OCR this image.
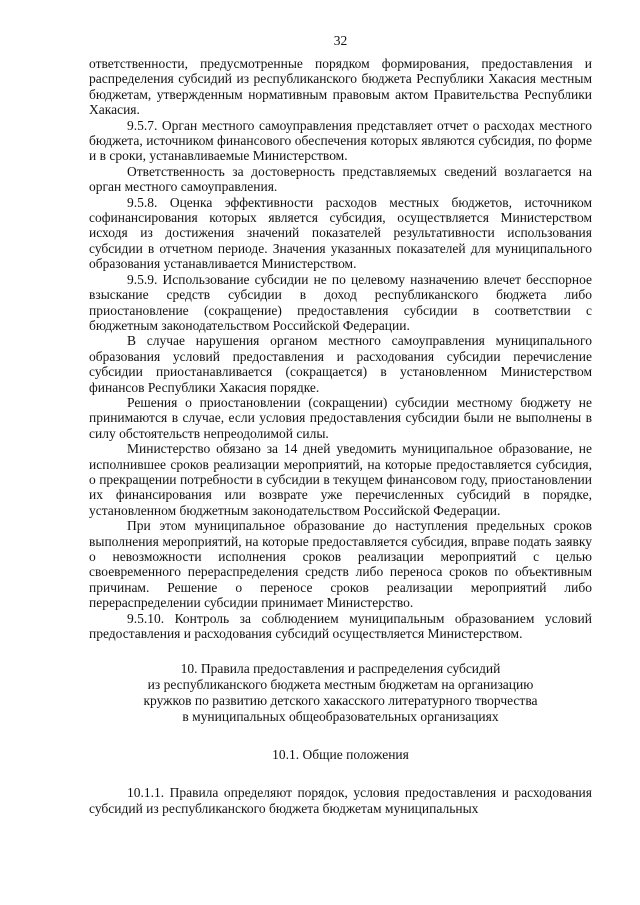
32

ответственности, предусмотренные порядком формирования, предоставления и распределения субсидий из республиканского бюджета Республики Хакасия местным бюджетам, утвержденным нормативным правовым актом Правительства Республики Хакасия.

9.5.7. Орган местного самоуправления представляет отчет о расходах местного бюджета, источником финансового обеспечения которых являются субсидия, по форме и в сроки, устанавливаемые Министерством.

Ответственность за достоверность представляемых сведений возлагается на орган местного самоуправления.

9.5.8. Оценка эффективности расходов местных бюджетов, источником софинансирования которых является субсидия, осуществляется Министерством исходя из достижения значений показателей результативности использования субсидии в отчетном периоде. Значения указанных показателей для муниципального образования устанавливается Министерством.

9.5.9. Использование субсидии не по целевому назначению влечет бесспорное взыскание средств субсидии в доход республиканского бюджета либо приостановление (сокращение) предоставления субсидии в соответствии с бюджетным законодательством Российской Федерации.

В случае нарушения органом местного самоуправления муниципального образования условий предоставления и расходования субсидии перечисление субсидии приостанавливается (сокращается) в установленном Министерством финансов Республики Хакасия порядке.

Решения о приостановлении (сокращении) субсидии местному бюджету не принимаются в случае, если условия предоставления субсидии были не выполнены в силу обстоятельств непреодолимой силы.

Министерство обязано за 14 дней уведомить муниципальное образование, не исполнившее сроков реализации мероприятий, на которые предоставляется субсидия, о прекращении потребности в субсидии в текущем финансовом году, приостановлении их финансирования или возврате уже перечисленных субсидий в порядке, установленном бюджетным законодательством Российской Федерации.

При этом муниципальное образование до наступления предельных сроков выполнения мероприятий, на которые предоставляется субсидия, вправе подать заявку о невозможности исполнения сроков реализации мероприятий с целью своевременного перераспределения средств либо переноса сроков по объективным причинам. Решение о переносе сроков реализации мероприятий либо перераспределении субсидии принимает Министерство.

9.5.10. Контроль за соблюдением муниципальным образованием условий предоставления и расходования субсидий осуществляется Министерством.

10. Правила предоставления и распределения субсидий
из республиканского бюджета местным бюджетам на организацию
кружков по развитию детского хакасского литературного творчества
в муниципальных общеобразовательных организациях
10.1. Общие положения

10.1.1. Правила определяют порядок, условия предоставления и расходования субсидий из республиканского бюджета бюджетам муниципальных
